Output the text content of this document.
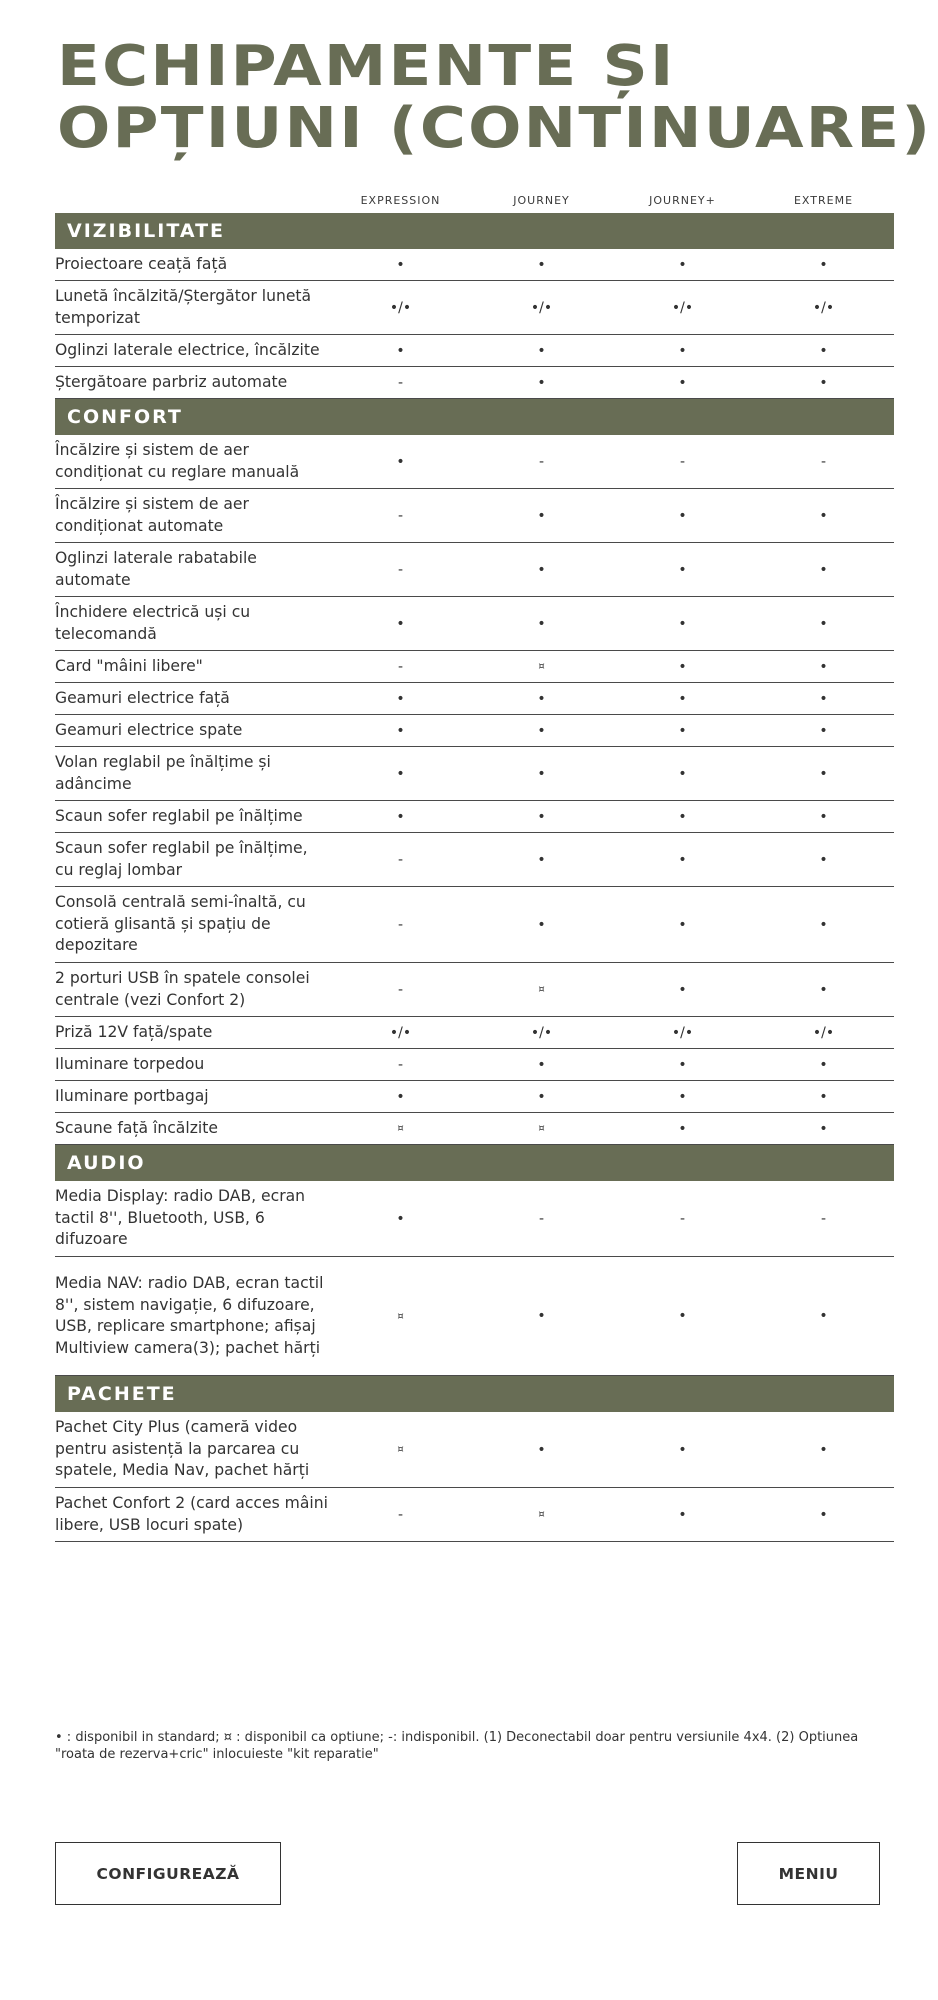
ECHIPAMENTE ȘI
OPȚIUNI (CONTINUARE)
EXPRESSION	JOURNEY	JOURNEY+	EXTREME
VIZIBILITATE
Proiectoare ceață față	•	•	•	•
Lunetă încălzită/Ștergător lunetă temporizat
•/•	•/•	•/•	•/•
Oglinzi laterale electrice, încălzite	•	•	•	•
Ștergătoare parbriz automate	-	•	•	•
CONFORT
Încălzire și sistem de aer condiționat cu reglare manuală
•	-	-	-
Încălzire și sistem de aer condiționat automate
-	•	•	•
Oglinzi laterale rabatabile automate
-	•	•	•
Închidere electrică uși cu telecomandă
•	•	•	•
Card "mâini libere"	-	¤	•	•
Geamuri electrice față	•	•	•	•
Geamuri electrice spate	•	•	•	•
Volan reglabil pe înălțime și adâncime
•	•	•	•
Scaun sofer reglabil pe înălțime	•	•	•	•
Scaun sofer reglabil pe înălțime, cu reglaj lombar
-	•	•	•
Consolă centrală semi-înaltă, cu cotieră glisantă și spațiu de depozitare
-	•	•	•
2 porturi USB în spatele consolei centrale (vezi Confort 2)
-	¤	•	•
Priză 12V față/spate	•/•	•/•	•/•	•/•
Iluminare torpedou	-	•	•	•
Iluminare portbagaj	•	•	•	•
Scaune față încălzite	¤	¤	•	•
AUDIO
Media Display: radio DAB, ecran tactil 8'', Bluetooth, USB, 6 difuzoare
•	-	-	-
Media NAV: radio DAB, ecran tactil 8'', sistem navigație, 6 difuzoare, USB, replicare smartphone; afișaj Multiview camera(3); pachet hărți
¤	•	•	•
PACHETE
Pachet City Plus (cameră video pentru asistență la parcarea cu spatele, Media Nav, pachet hărți
¤	•	•	•
Pachet Confort 2 (card acces mâini libere, USB locuri spate)
-	¤	•	•

• : disponibil in standard; ¤ : disponibil ca optiune; -: indisponibil. (1) Deconectabil doar pentru versiunile 4x4. (2) Optiunea "roata de rezerva+cric" inlocuieste "kit reparatie"

CONFIGUREAZĂ	MENIU
